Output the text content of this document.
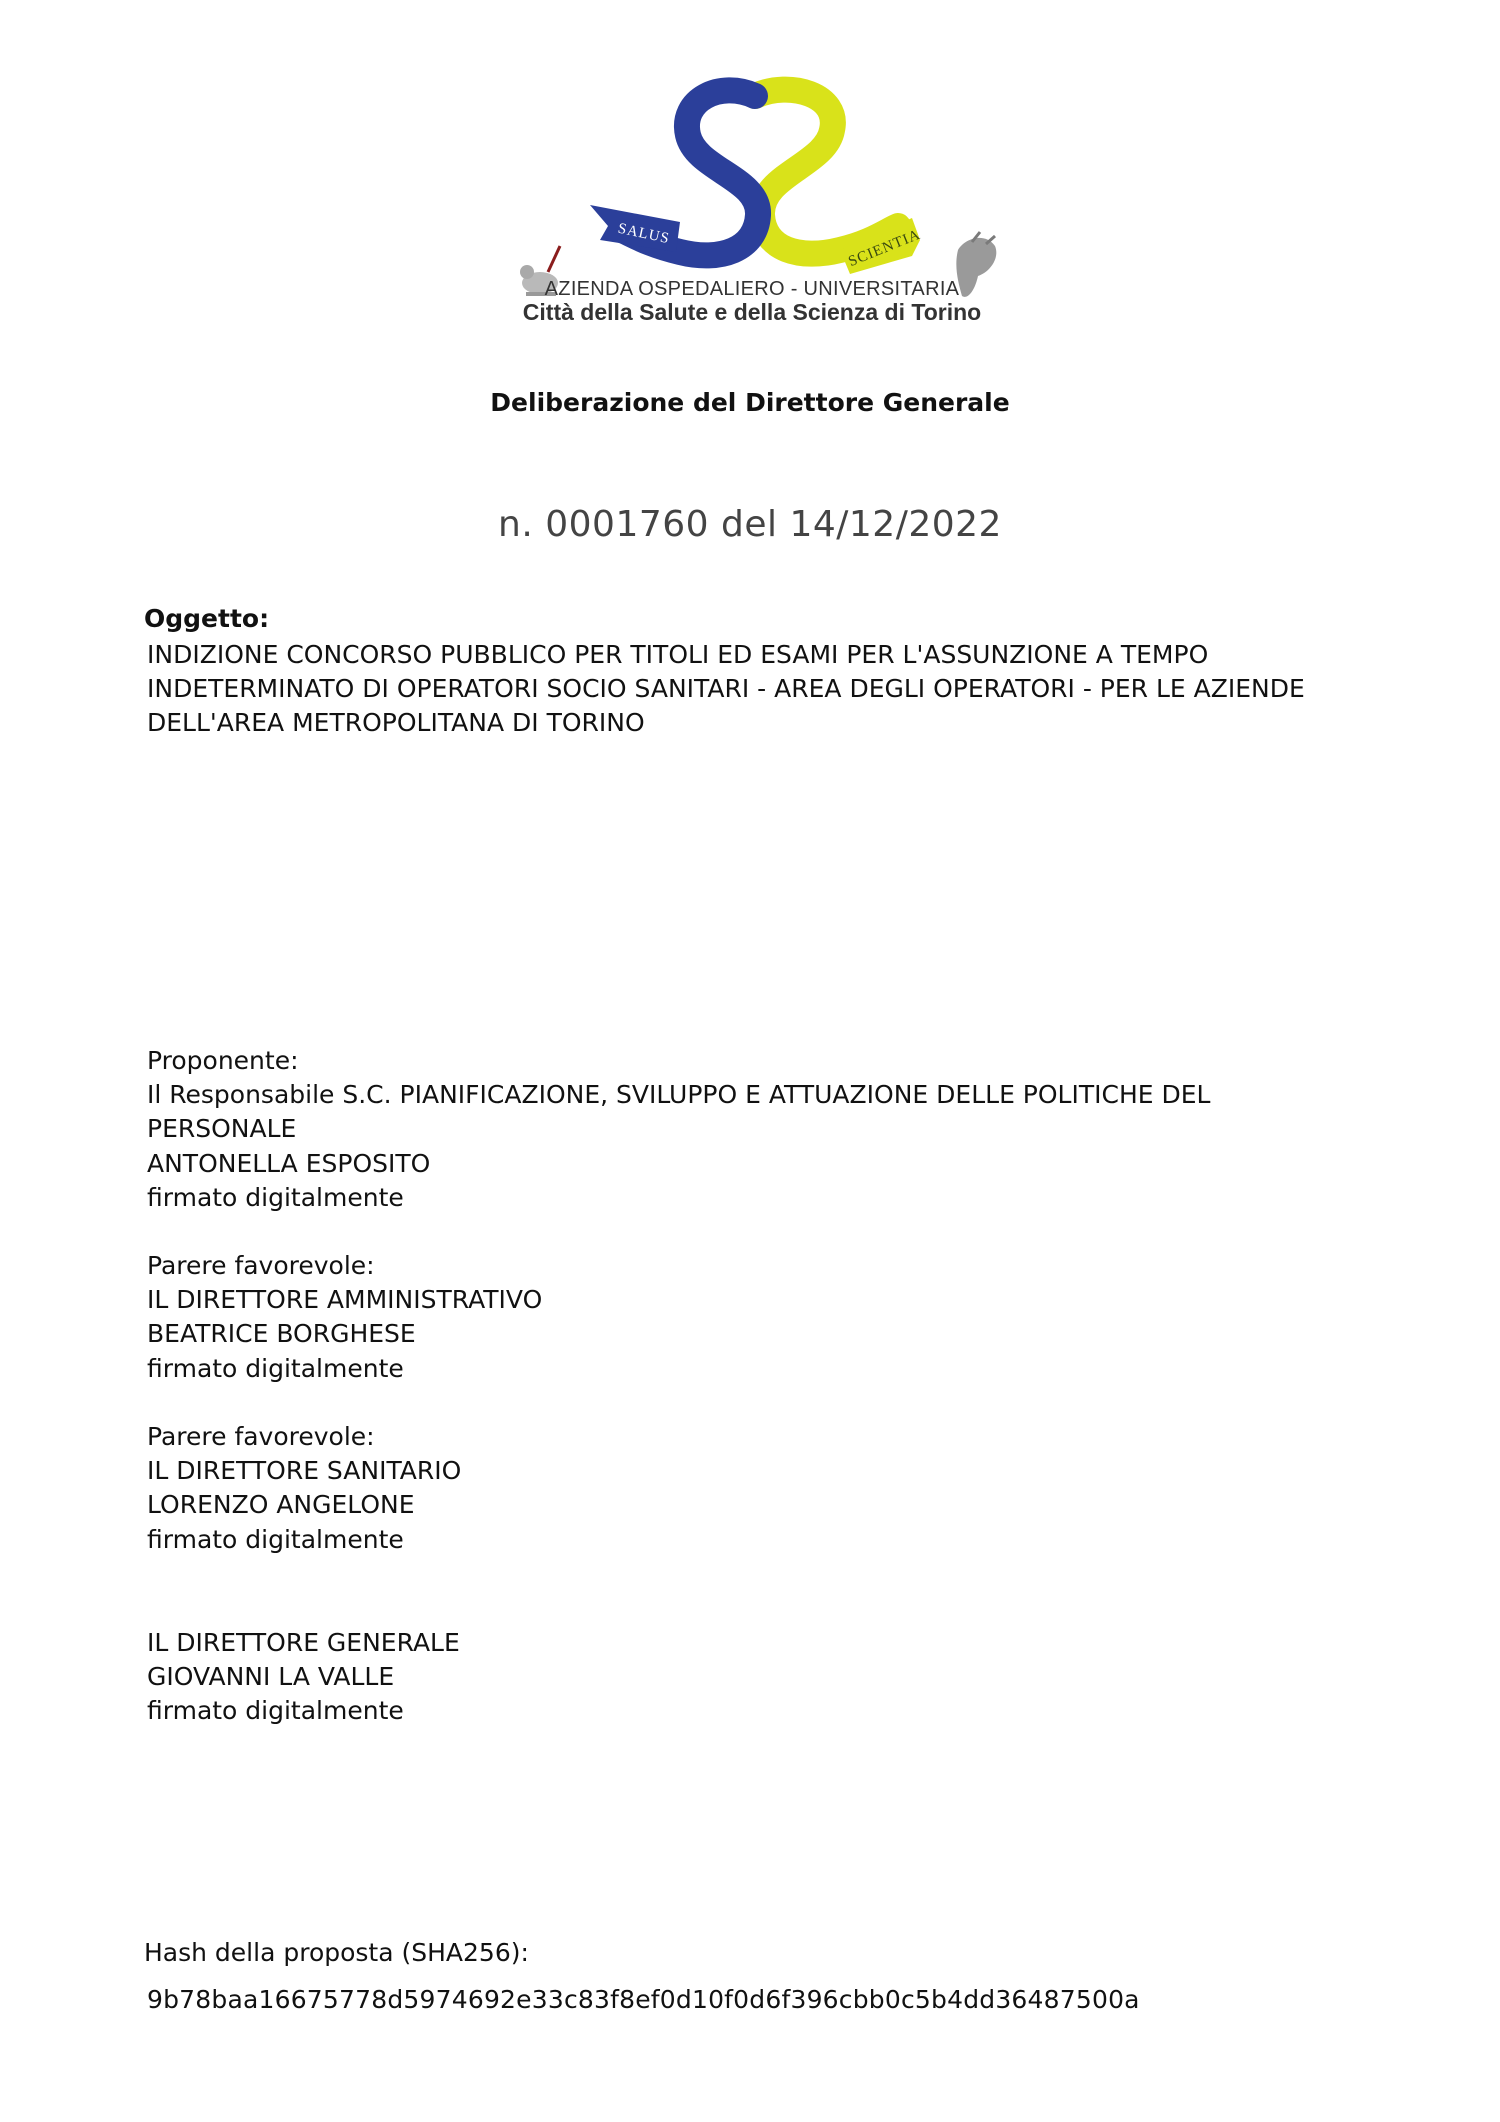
SALUS	SCIENTIA
AZIENDA OSPEDALIERO - UNIVERSITARIA
Città della Salute e della Scienza di Torino
Deliberazione del Direttore Generale
n. 0001760 del 14/12/2022
Oggetto:
INDIZIONE CONCORSO PUBBLICO PER TITOLI ED ESAMI PER L'ASSUNZIONE A TEMPO INDETERMINATO DI OPERATORI SOCIO SANITARI - AREA DEGLI OPERATORI - PER LE AZIENDE DELL'AREA METROPOLITANA DI TORINO
Proponente:
Il Responsabile S.C. PIANIFICAZIONE, SVILUPPO E ATTUAZIONE DELLE POLITICHE DEL
PERSONALE
ANTONELLA ESPOSITO
firmato digitalmente
Parere favorevole:
IL DIRETTORE AMMINISTRATIVO
BEATRICE BORGHESE
firmato digitalmente
Parere favorevole:
IL DIRETTORE SANITARIO
LORENZO ANGELONE
firmato digitalmente
IL DIRETTORE GENERALE
GIOVANNI LA VALLE
firmato digitalmente
Hash della proposta (SHA256):
9b78baa16675778d5974692e33c83f8ef0d10f0d6f396cbb0c5b4dd36487500a
